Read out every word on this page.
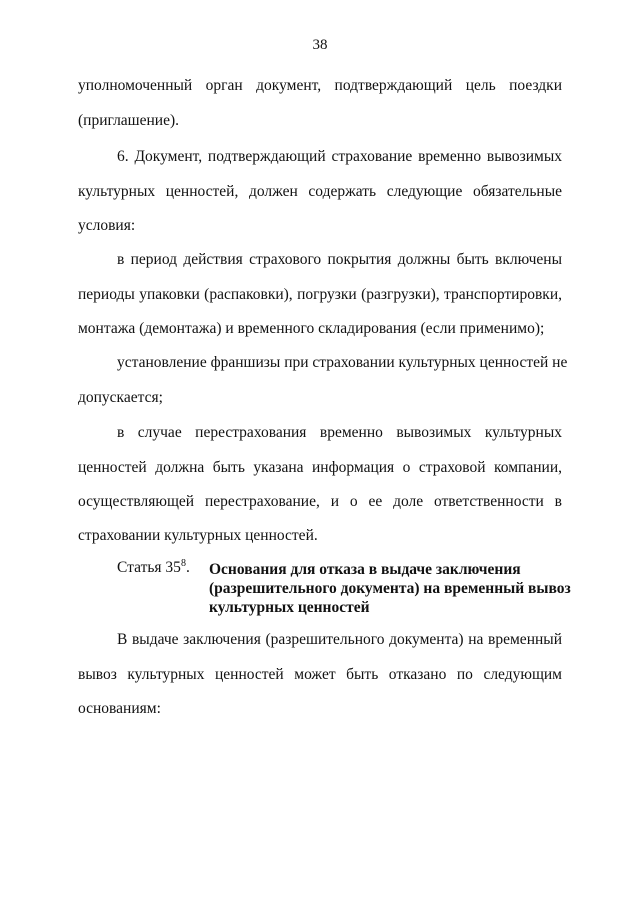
38
уполномоченный орган документ, подтверждающий цель поездки
(приглашение).
6. Документ, подтверждающий страхование временно вывозимых
культурных ценностей, должен содержать следующие обязательные
условия:
в период действия страхового покрытия должны быть включены
периоды упаковки (распаковки), погрузки (разгрузки), транспортировки,
монтажа (демонтажа) и временного складирования (если применимо);
установление франшизы при страховании культурных ценностей не
допускается;
в случае перестрахования временно вывозимых культурных
ценностей должна быть указана информация о страховой компании,
осуществляющей перестрахование, и о ее доле ответственности в
страховании культурных ценностей.
Статья $35^8$. Основания для отказа в выдаче заключения
(разрешительного документа) на временный вывоз
культурных ценностей
В выдаче заключения (разрешительного документа) на временный
вывоз культурных ценностей может быть отказано по следующим
основаниям:
